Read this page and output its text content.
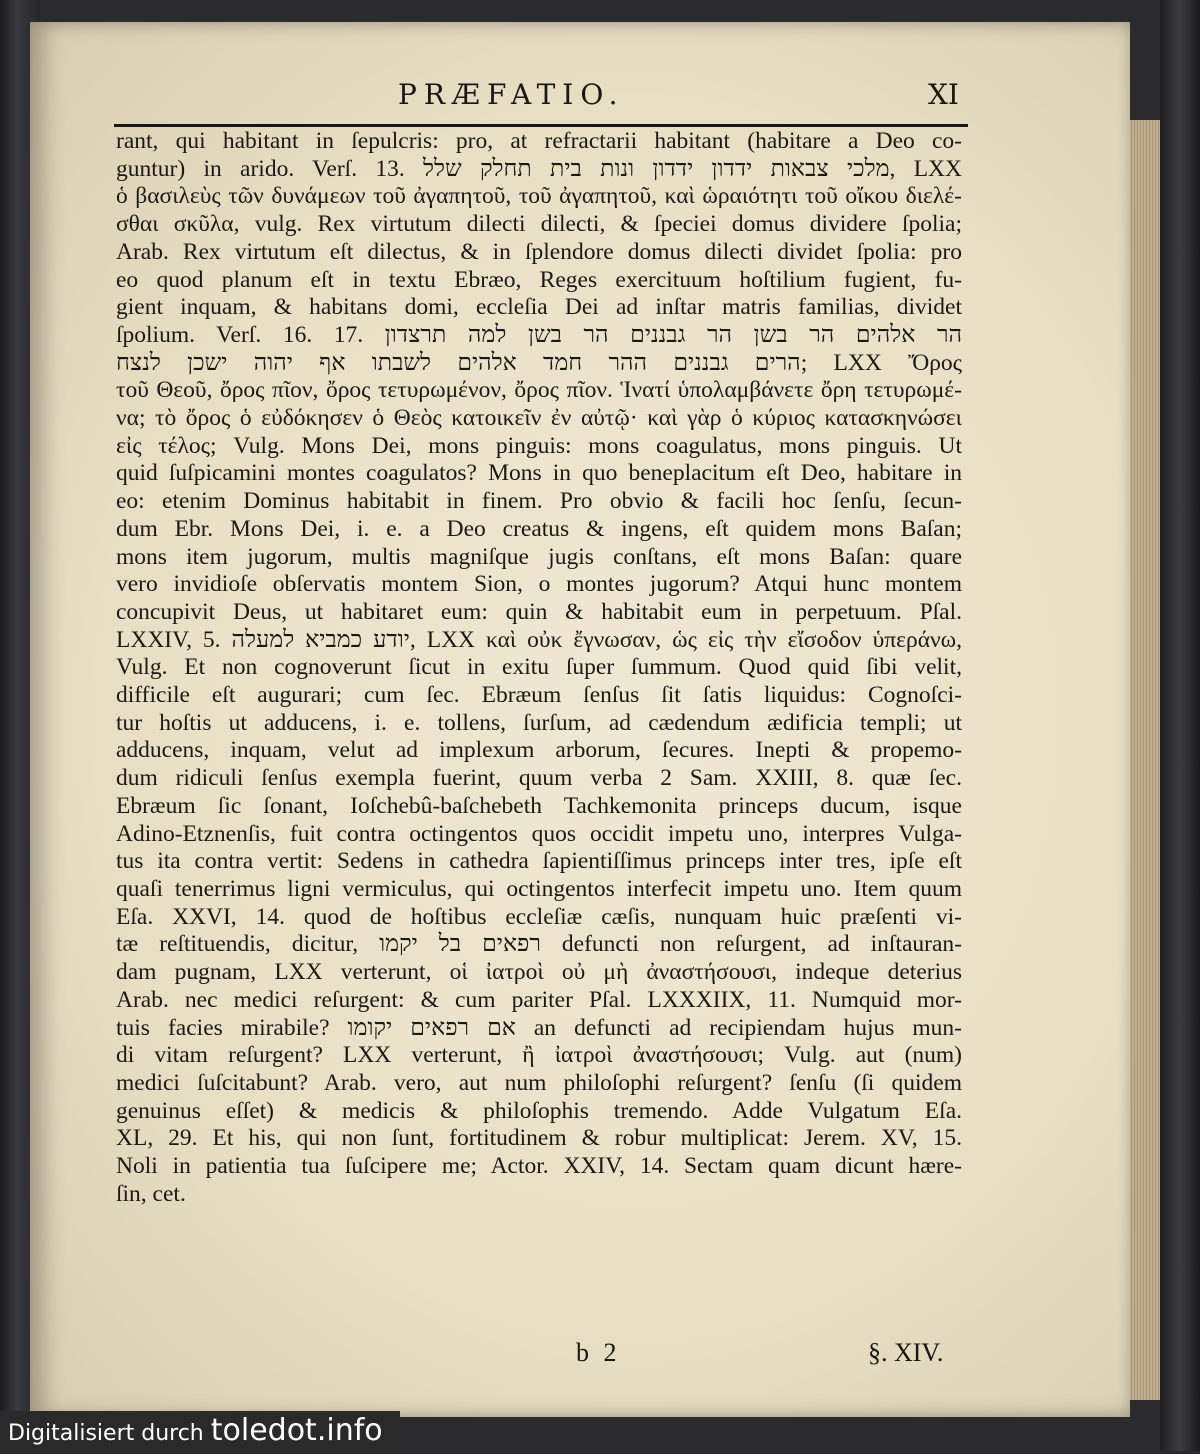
PRÆFATIO.	XI
rant, qui habitant in ſepulcris: pro, at refractarii habitant (habitare a Deo co-
guntur) in arido. Verſ. 13. מלכי צבאות ידדון ידדון ונות בית תחלק שלל, LXX
ὁ βασιλεὺς τῶν δυνάμεων τοῦ ἀγαπητοῦ, τοῦ ἀγαπητοῦ, καὶ ὡραιότητι τοῦ οἴκου διελέ-
σθαι σκῦλα, vulg. Rex virtutum dilecti dilecti, & ſpeciei domus dividere ſpolia;
Arab. Rex virtutum eſt dilectus, & in ſplendore domus dilecti dividet ſpolia: pro
eo quod planum eſt in textu Ebræo, Reges exercituum hoſtilium fugient, fu-
gient inquam, & habitans domi, eccleſia Dei ad inſtar matris familias, dividet
ſpolium. Verſ. 16. 17. הר אלהים הר בשן הר גבננים הר בשן למה תרצדון
הרים גבננים ההר חמד אלהים לשבתו אף יהוה ישכן לנצח; LXX Ὄρος
τοῦ Θεοῦ, ὄρος πῖον, ὄρος τετυρωμένον, ὄρος πῖον. Ἱνατί ὑπολαμβάνετε ὄρη τετυρωμέ-
να; τὸ ὄρος ὁ εὐδόκησεν ὁ Θεὸς κατοικεῖν ἐν αὐτῷ· καὶ γὰρ ὁ κύριος κατασκηνώσει
εἰς τέλος; Vulg. Mons Dei, mons pinguis: mons coagulatus, mons pinguis. Ut
quid ſuſpicamini montes coagulatos? Mons in quo beneplacitum eſt Deo, habitare in
eo: etenim Dominus habitabit in finem. Pro obvio & facili hoc ſenſu, ſecun-
dum Ebr. Mons Dei, i. e. a Deo creatus & ingens, eſt quidem mons Baſan;
mons item jugorum, multis magniſque jugis conſtans, eſt mons Baſan: quare
vero invidioſe obſervatis montem Sion, o montes jugorum? Atqui hunc montem
concupivit Deus, ut habitaret eum: quin & habitabit eum in perpetuum. Pſal.
LXXIV, 5. יודע כמביא למעלה, LXX καὶ οὐκ ἔγνωσαν, ὡς εἰς τὴν εἴσοδον ὑπεράνω,
Vulg. Et non cognoverunt ſicut in exitu ſuper ſummum. Quod quid ſibi velit,
difficile eſt augurari; cum ſec. Ebræum ſenſus ſit ſatis liquidus: Cognoſci-
tur hoſtis ut adducens, i. e. tollens, ſurſum, ad cædendum ædificia templi; ut
adducens, inquam, velut ad implexum arborum, ſecures. Inepti & propemo-
dum ridiculi ſenſus exempla fuerint, quum verba 2 Sam. XXIII, 8. quæ ſec.
Ebræum ſic ſonant, Ioſchebû-baſchebeth Tachkemonita princeps ducum, isque
Adino-Etznenſis, fuit contra octingentos quos occidit impetu uno, interpres Vulga-
tus ita contra vertit: Sedens in cathedra ſapientiſſimus princeps inter tres, ipſe eſt
quaſi tenerrimus ligni vermiculus, qui octingentos interfecit impetu uno. Item quum
Eſa. XXVI, 14. quod de hoſtibus eccleſiæ cæſis, nunquam huic præſenti vi-
tæ reſtituendis, dicitur, רפאים בל יקמו defuncti non reſurgent, ad inſtauran-
dam pugnam, LXX verterunt, οἱ ἰατροὶ οὐ μὴ ἀναστήσουσι, indeque deterius
Arab. nec medici reſurgent: & cum pariter Pſal. LXXXIIX, 11. Numquid mor-
tuis facies mirabile? אם רפאים יקומו an defuncti ad recipiendam hujus mun-
di vitam reſurgent? LXX verterunt, ἢ ἰατροὶ ἀναστήσουσι; Vulg. aut (num)
medici ſuſcitabunt? Arab. vero, aut num philoſophi reſurgent? ſenſu (ſi quidem
genuinus eſſet) & medicis & philoſophis tremendo. Adde Vulgatum Eſa.
XL, 29. Et his, qui non ſunt, fortitudinem & robur multiplicat: Jerem. XV, 15.
Noli in patientia tua ſuſcipere me; Actor. XXIV, 14. Sectam quam dicunt hære-
ſin, cet.
b 2	§. XIV.
Digitalisiert durch toledot.info
